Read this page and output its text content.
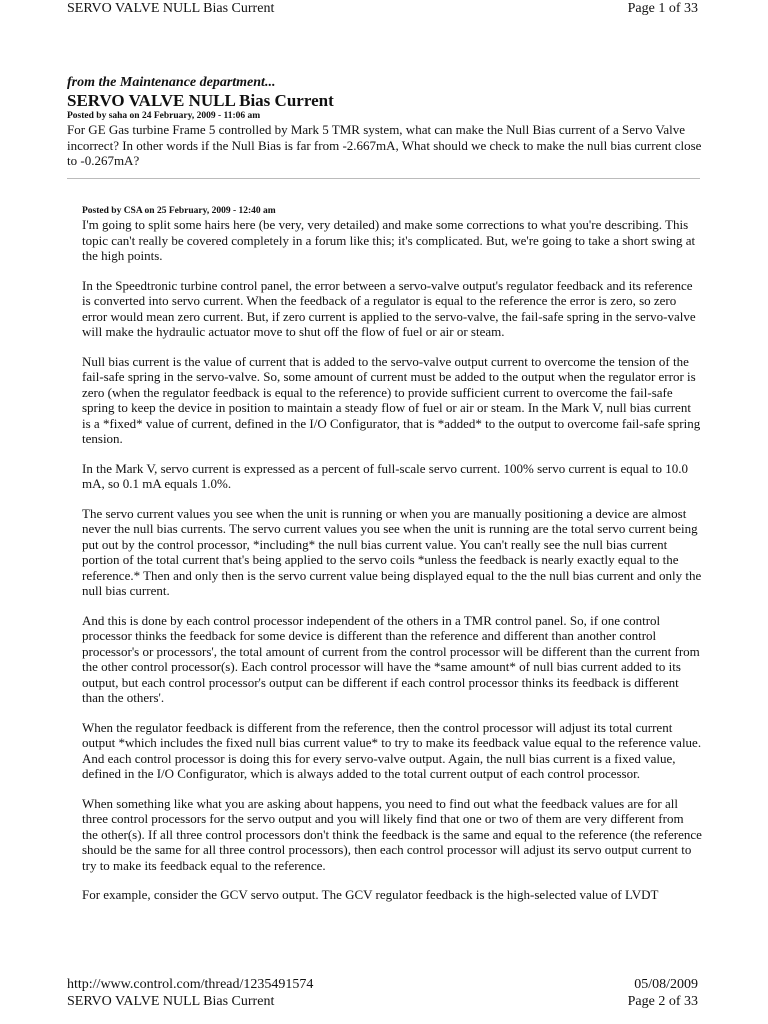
SERVO VALVE NULL Bias Current	Page 1 of 33
from the Maintenance department...
SERVO VALVE NULL Bias Current
Posted by saha on 24 February, 2009 - 11:06 am
For GE Gas turbine Frame 5 controlled by Mark 5 TMR system, what can make the Null Bias current of a Servo Valve incorrect? In other words if the Null Bias is far from -2.667mA, What should we check to make the null bias current close to -0.267mA?
Posted by CSA on 25 February, 2009 - 12:40 am

I'm going to split some hairs here (be very, very detailed) and make some corrections to what you're describing. This topic can't really be covered completely in a forum like this; it's complicated. But, we're going to take a short swing at the high points.

In the Speedtronic turbine control panel, the error between a servo-valve output's regulator feedback and its reference is converted into servo current. When the feedback of a regulator is equal to the reference the error is zero, so zero error would mean zero current. But, if zero current is applied to the servo-valve, the fail-safe spring in the servo-valve will make the hydraulic actuator move to shut off the flow of fuel or air or steam.

Null bias current is the value of current that is added to the servo-valve output current to overcome the tension of the fail-safe spring in the servo-valve. So, some amount of current must be added to the output when the regulator error is zero (when the regulator feedback is equal to the reference) to provide sufficient current to overcome the fail-safe spring to keep the device in position to maintain a steady flow of fuel or air or steam. In the Mark V, null bias current is a *fixed* value of current, defined in the I/O Configurator, that is *added* to the output to overcome fail-safe spring tension.

In the Mark V, servo current is expressed as a percent of full-scale servo current. 100% servo current is equal to 10.0 mA, so 0.1 mA equals 1.0%.

The servo current values you see when the unit is running or when you are manually positioning a device are almost never the null bias currents. The servo current values you see when the unit is running are the total servo current being put out by the control processor, *including* the null bias current value. You can't really see the null bias current portion of the total current that's being applied to the servo coils *unless the feedback is nearly exactly equal to the reference.* Then and only then is the servo current value being displayed equal to the the null bias current and only the null bias current.

And this is done by each control processor independent of the others in a TMR control panel. So, if one control processor thinks the feedback for some device is different than the reference and different than another control processor's or processors', the total amount of current from the control processor will be different than the current from the other control processor(s). Each control processor will have the *same amount* of null bias current added to its output, but each control processor's output can be different if each control processor thinks its feedback is different than the others'.

When the regulator feedback is different from the reference, then the control processor will adjust its total current output *which includes the fixed null bias current value* to try to make its feedback value equal to the reference value. And each control processor is doing this for every servo-valve output. Again, the null bias current is a fixed value, defined in the I/O Configurator, which is always added to the total current output of each control processor.

When something like what you are asking about happens, you need to find out what the feedback values are for all three control processors for the servo output and you will likely find that one or two of them are very different from the other(s). If all three control processors don't think the feedback is the same and equal to the reference (the reference should be the same for all three control processors), then each control processor will adjust its servo output current to try to make its feedback equal to the reference.

For example, consider the GCV servo output. The GCV regulator feedback is the high-selected value of LVDT

http://www.control.com/thread/1235491574	05/08/2009
SERVO VALVE NULL Bias Current	Page 2 of 33
